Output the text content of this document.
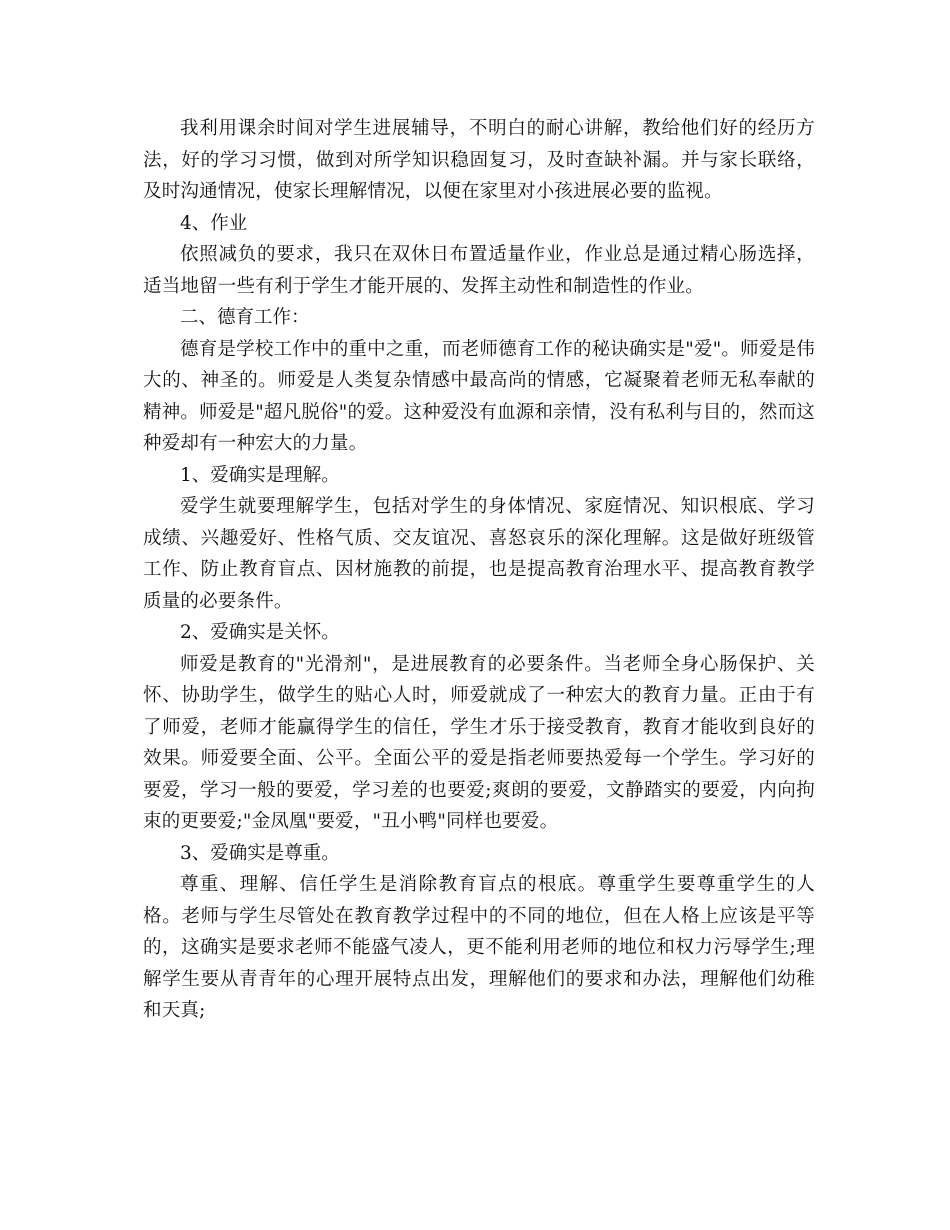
我利用课余时间对学生进展辅导，不明白的耐心讲解，教给他们好的经历方法，好的学习习惯，做到对所学知识稳固复习，及时查缺补漏。并与家长联络，及时沟通情况，使家长理解情况，以便在家里对小孩进展必要的监视。

4、作业

依照减负的要求，我只在双休日布置适量作业，作业总是通过精心肠选择，适当地留一些有利于学生才能开展的、发挥主动性和制造性的作业。

二、德育工作：

德育是学校工作中的重中之重，而老师德育工作的秘诀确实是"爱"。师爱是伟大的、神圣的。师爱是人类复杂情感中最高尚的情感，它凝聚着老师无私奉献的精神。师爱是"超凡脱俗"的爱。这种爱没有血源和亲情，没有私利与目的，然而这种爱却有一种宏大的力量。

1、爱确实是理解。

爱学生就要理解学生，包括对学生的身体情况、家庭情况、知识根底、学习成绩、兴趣爱好、性格气质、交友谊况、喜怒哀乐的深化理解。这是做好班级管工作、防止教育盲点、因材施教的前提，也是提高教育治理水平、提高教育教学质量的必要条件。

2、爱确实是关怀。

师爱是教育的"光滑剂"，是进展教育的必要条件。当老师全身心肠保护、关怀、协助学生，做学生的贴心人时，师爱就成了一种宏大的教育力量。正由于有了师爱，老师才能赢得学生的信任，学生才乐于接受教育，教育才能收到良好的效果。师爱要全面、公平。全面公平的爱是指老师要热爱每一个学生。学习好的要爱，学习一般的要爱，学习差的也要爱;爽朗的要爱，文静踏实的要爱，内向拘束的更要爱;"金凤凰"要爱，"丑小鸭"同样也要爱。

3、爱确实是尊重。

尊重、理解、信任学生是消除教育盲点的根底。尊重学生要尊重学生的人格。老师与学生尽管处在教育教学过程中的不同的地位，但在人格上应该是平等的，这确实是要求老师不能盛气凌人，更不能利用老师的地位和权力污辱学生;理解学生要从青青年的心理开展特点出发，理解他们的要求和办法，理解他们幼稚和天真;
